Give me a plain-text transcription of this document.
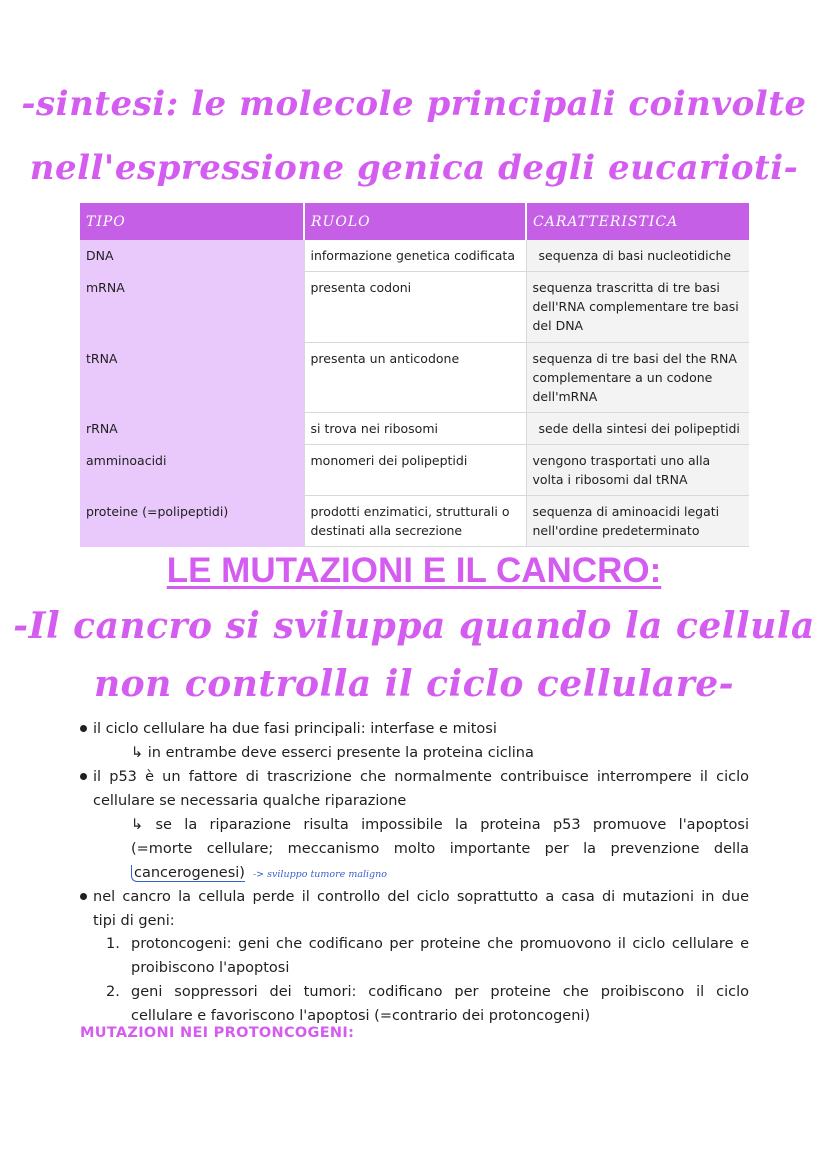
-sintesi: le molecole principali coinvolte
nell'espressione genica degli eucarioti-
TIPO	RUOLO	CARATTERISTICA
DNA	informazione genetica codificata	sequenza di basi nucleotidiche
mRNA	presenta codoni	sequenza trascritta di tre basi dell'RNA complementare tre basi del DNA
tRNA	presenta un anticodone	sequenza di tre basi del the RNA complementare a un codone dell'mRNA
rRNA	si trova nei ribosomi	sede della sintesi dei polipeptidi
amminoacidi	monomeri dei polipeptidi	vengono trasportati uno alla volta i ribosomi dal tRNA
proteine (=polipeptidi)	prodotti enzimatici, strutturali o destinati alla secrezione	sequenza di aminoacidi legati nell'ordine predeterminato
LE MUTAZIONI E IL CANCRO:
-Il cancro si sviluppa quando la cellula
non controlla il ciclo cellulare-
il ciclo cellulare ha due fasi principali: interfase e mitosi
↳ in entrambe deve esserci presente la proteina ciclina
il p53 è un fattore di trascrizione che normalmente contribuisce interrompere il ciclo
cellulare se necessaria qualche riparazione
↳ se la riparazione risulta impossibile la proteina p53 promuove l'apoptosi
(=morte cellulare; meccanismo molto importante per la prevenzione della
cancerogenesi) -> sviluppo tumore maligno
nel cancro la cellula perde il controllo del ciclo soprattutto a casa di mutazioni in due
tipi di geni:
1. protoncogeni: geni che codificano per proteine che promuovono il ciclo cellulare e
proibiscono l'apoptosi
2. geni soppressori dei tumori: codificano per proteine che proibiscono il ciclo
cellulare e favoriscono l'apoptosi (=contrario dei protoncogeni)
MUTAZIONI NEI PROTONCOGENI:
